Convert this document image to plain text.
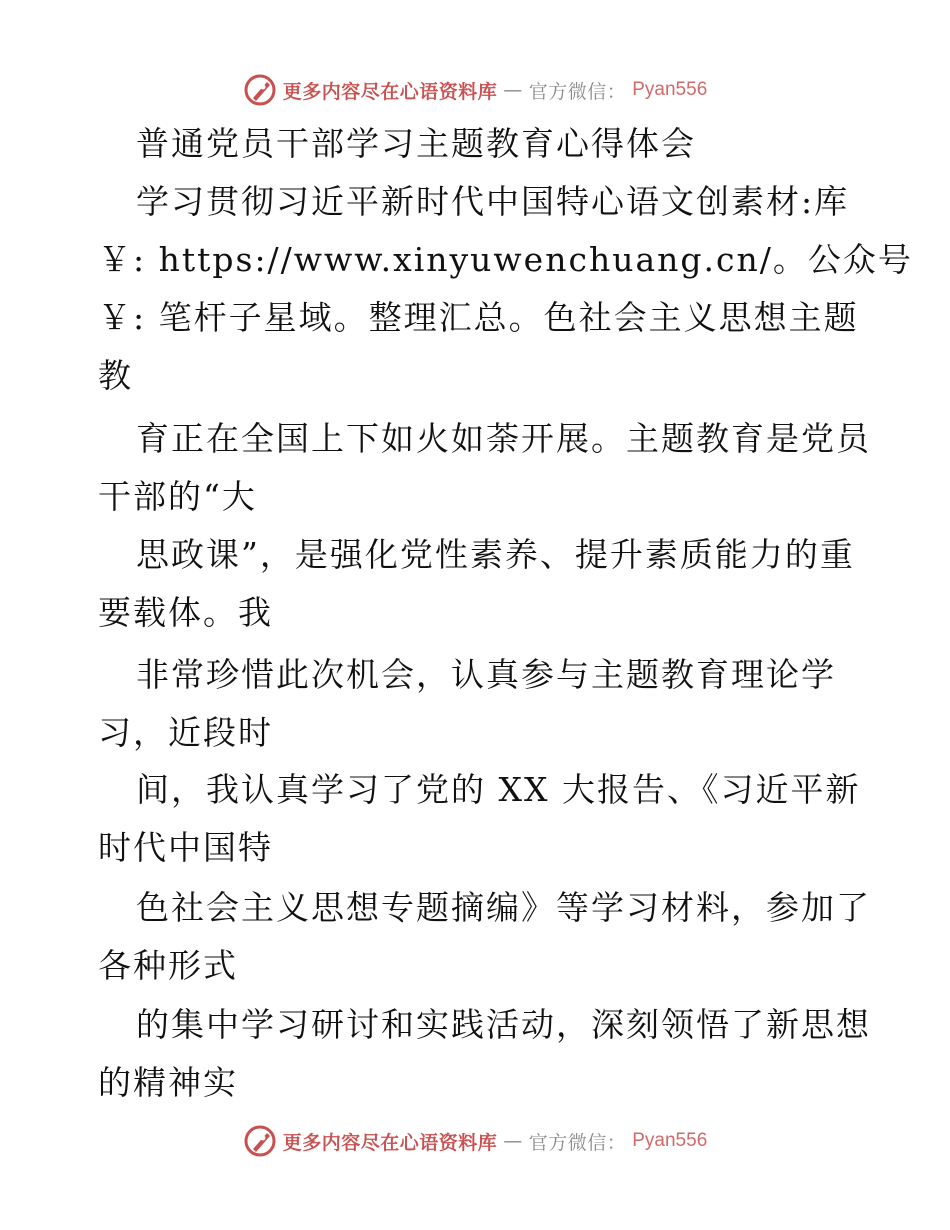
更多内容尽在心语资料库 — 官方微信： Pyan556
普通党员干部学习主题教育心得体会
学习贯彻习近平新时代中国特心语文创素材:库
￥: https://www.xinyuwenchuang.cn/。公众号
￥: 笔杆子星域。整理汇总。色社会主义思想主题
教
育正在全国上下如火如荼开展。主题教育是党员
干部的“大
思政课”，是强化党性素养、提升素质能力的重
要载体。我
非常珍惜此次机会，认真参与主题教育理论学
习，近段时
间，我认真学习了党的 XX 大报告、《习近平新
时代中国特
色社会主义思想专题摘编》等学习材料，参加了
各种形式
的集中学习研讨和实践活动，深刻领悟了新思想
的精神实
更多内容尽在心语资料库 — 官方微信： Pyan556
